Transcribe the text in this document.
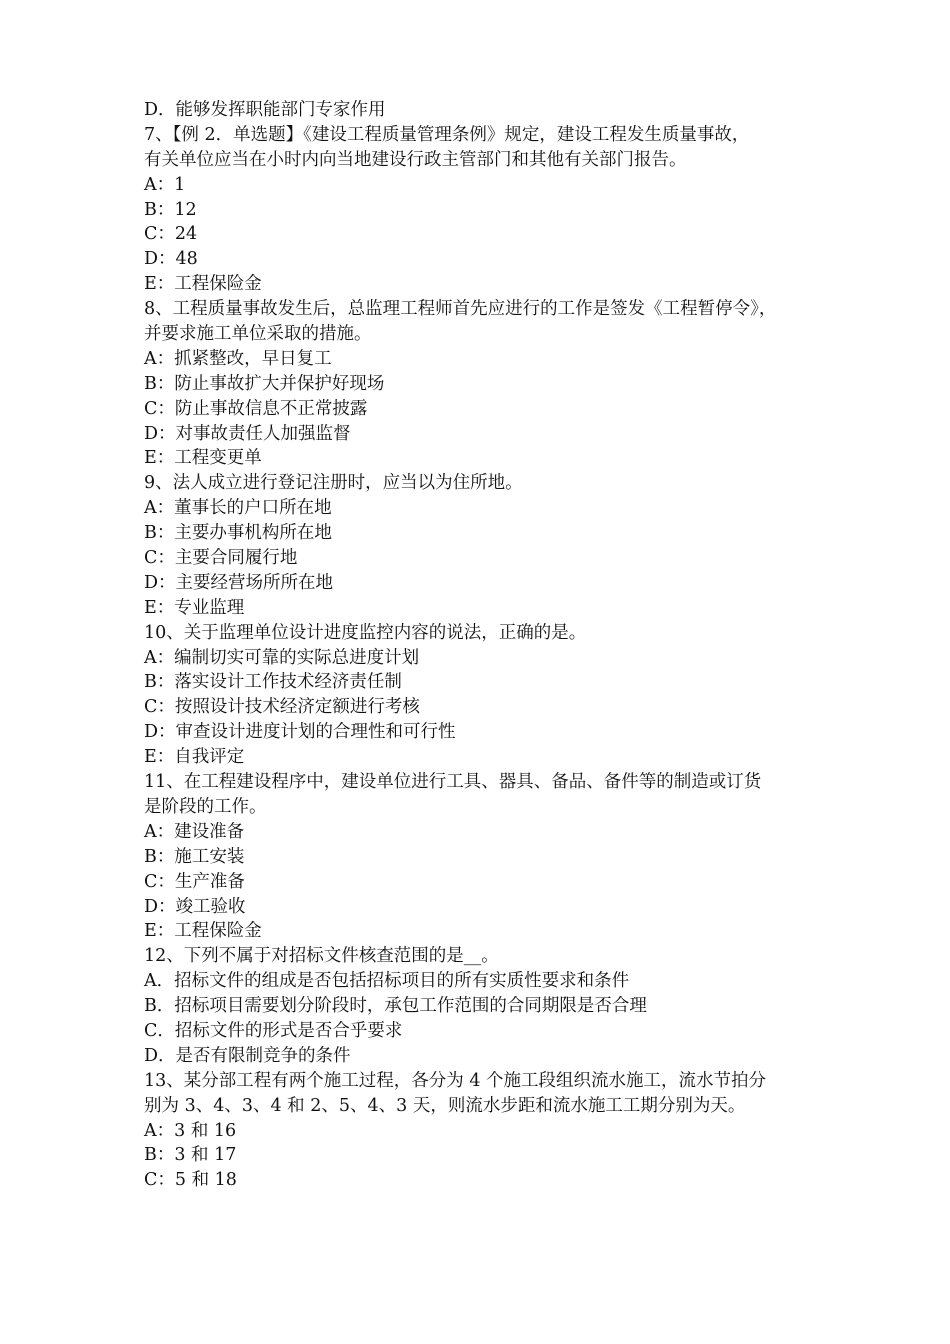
D．能够发挥职能部门专家作用
7、【例 2．单选题】《建设工程质量管理条例》规定，建设工程发生质量事故，
有关单位应当在小时内向当地建设行政主管部门和其他有关部门报告。
A：1
B：12
C：24
D：48
E：工程保险金
8、工程质量事故发生后，总监理工程师首先应进行的工作是签发《工程暂停令》，
并要求施工单位采取的措施。
A：抓紧整改，早日复工
B：防止事故扩大并保护好现场
C：防止事故信息不正常披露
D：对事故责任人加强监督
E：工程变更单
9、法人成立进行登记注册时，应当以为住所地。
A：董事长的户口所在地
B：主要办事机构所在地
C：主要合同履行地
D：主要经营场所所在地
E：专业监理
10、关于监理单位设计进度监控内容的说法，正确的是。
A：编制切实可靠的实际总进度计划
B：落实设计工作技术经济责任制
C：按照设计技术经济定额进行考核
D：审查设计进度计划的合理性和可行性
E：自我评定
11、在工程建设程序中，建设单位进行工具、器具、备品、备件等的制造或订货
是阶段的工作。
A：建设准备
B：施工安装
C：生产准备
D：竣工验收
E：工程保险金
12、下列不属于对招标文件核查范围的是__。
A．招标文件的组成是否包括招标项目的所有实质性要求和条件
B．招标项目需要划分阶段时，承包工作范围的合同期限是否合理
C．招标文件的形式是否合乎要求
D．是否有限制竞争的条件
13、某分部工程有两个施工过程，各分为 4 个施工段组织流水施工，流水节拍分
别为 3、4、3、4 和 2、5、4、3 天，则流水步距和流水施工工期分别为天。
A：3 和 16
B：3 和 17
C：5 和 18
